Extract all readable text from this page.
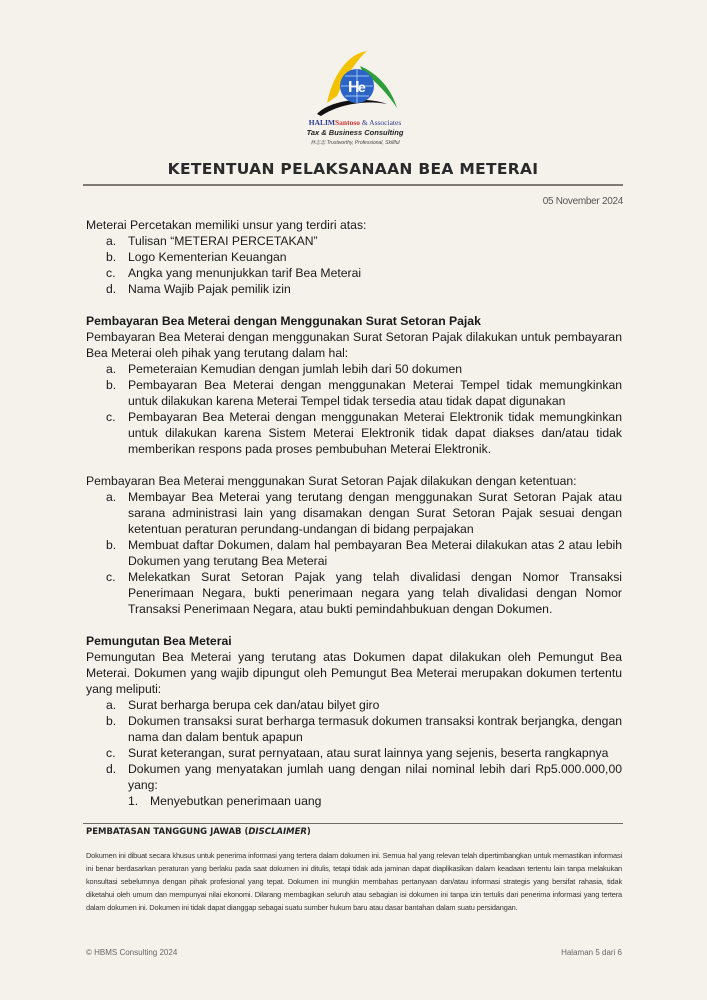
H
e
HALIMSantoso & Associates
Tax & Business Consulting
林志忠 Trustworthy, Professional, Skillful
KETENTUAN PELAKSANAAN BEA METERAI
05 November 2024

Meterai Percetakan memiliki unsur yang terdiri atas:

a. Tulisan “METERAI PERCETAKAN”
b. Logo Kementerian Keuangan
c. Angka yang menunjukkan tarif Bea Meterai
d. Nama Wajib Pajak pemilik izin
Pembayaran Bea Meterai dengan Menggunakan Surat Setoran Pajak

Pembayaran Bea Meterai dengan menggunakan Surat Setoran Pajak dilakukan untuk pembayaran Bea Meterai oleh pihak yang terutang dalam hal:

a. Pemeteraian Kemudian dengan jumlah lebih dari 50 dokumen
b. Pembayaran Bea Meterai dengan menggunakan Meterai Tempel tidak memungkinkan untuk dilakukan karena Meterai Tempel tidak tersedia atau tidak dapat digunakan
c. Pembayaran Bea Meterai dengan menggunakan Meterai Elektronik tidak memungkinkan untuk dilakukan karena Sistem Meterai Elektronik tidak dapat diakses dan/atau tidak memberikan respons pada proses pembubuhan Meterai Elektronik.

Pembayaran Bea Meterai menggunakan Surat Setoran Pajak dilakukan dengan ketentuan:

a. Membayar Bea Meterai yang terutang dengan menggunakan Surat Setoran Pajak atau sarana administrasi lain yang disamakan dengan Surat Setoran Pajak sesuai dengan ketentuan peraturan perundang-undangan di bidang perpajakan
b. Membuat daftar Dokumen, dalam hal pembayaran Bea Meterai dilakukan atas 2 atau lebih Dokumen yang terutang Bea Meterai
c. Melekatkan Surat Setoran Pajak yang telah divalidasi dengan Nomor Transaksi Penerimaan Negara, bukti penerimaan negara yang telah divalidasi dengan Nomor Transaksi Penerimaan Negara, atau bukti pemindahbukuan dengan Dokumen.
Pemungutan Bea Meterai

Pemungutan Bea Meterai yang terutang atas Dokumen dapat dilakukan oleh Pemungut Bea Meterai. Dokumen yang wajib dipungut oleh Pemungut Bea Meterai merupakan dokumen tertentu yang meliputi:

a. Surat berharga berupa cek dan/atau bilyet giro
b. Dokumen transaksi surat berharga termasuk dokumen transaksi kontrak berjangka, dengan nama dan dalam bentuk apapun
c. Surat keterangan, surat pernyataan, atau surat lainnya yang sejenis, beserta rangkapnya
d. Dokumen yang menyatakan jumlah uang dengan nilai nominal lebih dari Rp5.000.000,00 yang:
1. Menyebutkan penerimaan uang
PEMBATASAN TANGGUNG JAWAB (DISCLAIMER)
Dokumen ini dibuat secara khusus untuk penerima informasi yang tertera dalam dokumen ini. Semua hal yang relevan telah dipertimbangkan untuk memastikan informasi ini benar berdasarkan peraturan yang berlaku pada saat dokumen ini ditulis, tetapi tidak ada jaminan dapat diaplikasikan dalam keadaan tertentu lain tanpa melakukan konsultasi sebelumnya dengan pihak profesional yang tepat. Dokumen ini mungkin membahas pertanyaan dan/atau informasi strategis yang bersifat rahasia, tidak diketahui oleh umum dan mempunyai nilai ekonomi. Dilarang membagikan seluruh atau sebagian isi dokumen ini tanpa izin tertulis dari penerima informasi yang tertera dalam dokumen ini. Dokumen ini tidak dapat dianggap sebagai suatu sumber hukum baru atau dasar bantahan dalam suatu persidangan.
© HBMS Consulting 2024	Halaman 5 dari 6
